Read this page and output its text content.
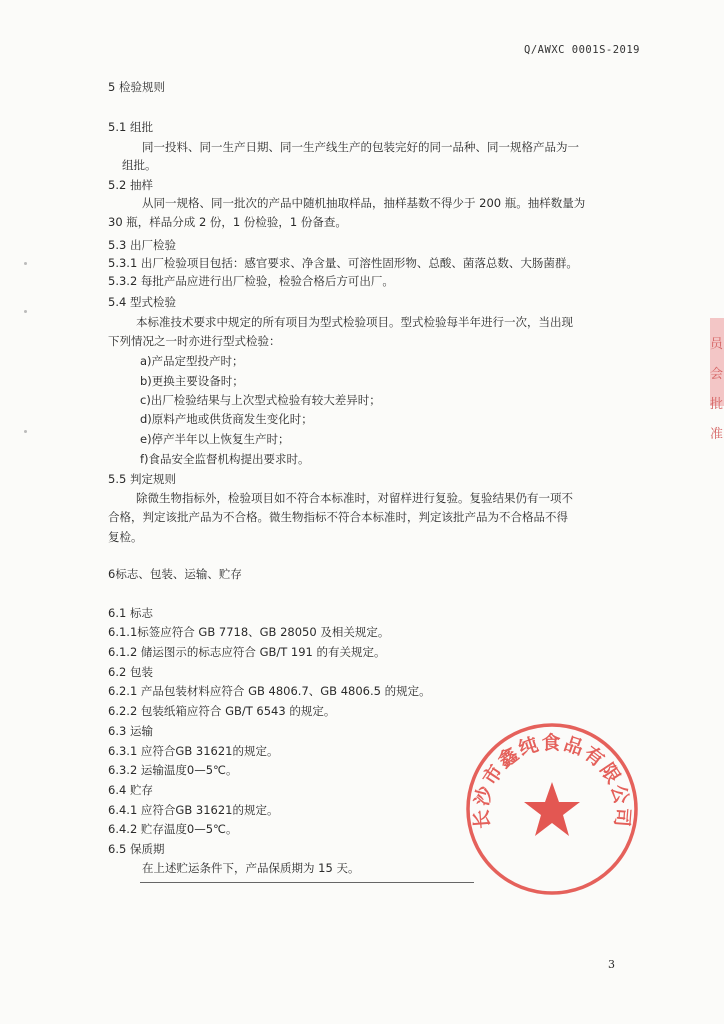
Q/AWXC 0001S-2019
5 检验规则
5.1 组批
同一投料、同一生产日期、同一生产线生产的包装完好的同一品种、同一规格产品为一
组批。
5.2 抽样
从同一规格、同一批次的产品中随机抽取样品，抽样基数不得少于 200 瓶。抽样数量为
30 瓶，样品分成 2 份，1 份检验，1 份备查。
5.3 出厂检验
5.3.1 出厂检验项目包括：感官要求、净含量、可溶性固形物、总酸、菌落总数、大肠菌群。
5.3.2 每批产品应进行出厂检验，检验合格后方可出厂。
5.4 型式检验
本标准技术要求中规定的所有项目为型式检验项目。型式检验每半年进行一次，当出现
下列情况之一时亦进行型式检验：
a)产品定型投产时；
b)更换主要设备时；
c)出厂检验结果与上次型式检验有较大差异时；
d)原料产地或供货商发生变化时；
e)停产半年以上恢复生产时；
f)食品安全监督机构提出要求时。
5.5 判定规则
除微生物指标外，检验项目如不符合本标准时，对留样进行复验。复验结果仍有一项不
合格，判定该批产品为不合格。微生物指标不符合本标准时，判定该批产品为不合格品不得
复检。
6标志、包装、运输、贮存
6.1 标志
6.1.1标签应符合 GB 7718、GB 28050 及相关规定。
6.1.2 储运图示的标志应符合 GB/T 191 的有关规定。
6.2 包装
6.2.1 产品包装材料应符合 GB 4806.7、GB 4806.5 的规定。
6.2.2 包装纸箱应符合 GB/T 6543 的规定。
6.3 运输
6.3.1 应符合GB 31621的规定。
6.3.2 运输温度0—5℃。
6.4 贮存
6.4.1 应符合GB 31621的规定。
6.4.2 贮存温度0—5℃。
6.5 保质期
在上述贮运条件下，产品保质期为 15 天。
员会 批准
长沙市鑫纯食品有限公司
3
